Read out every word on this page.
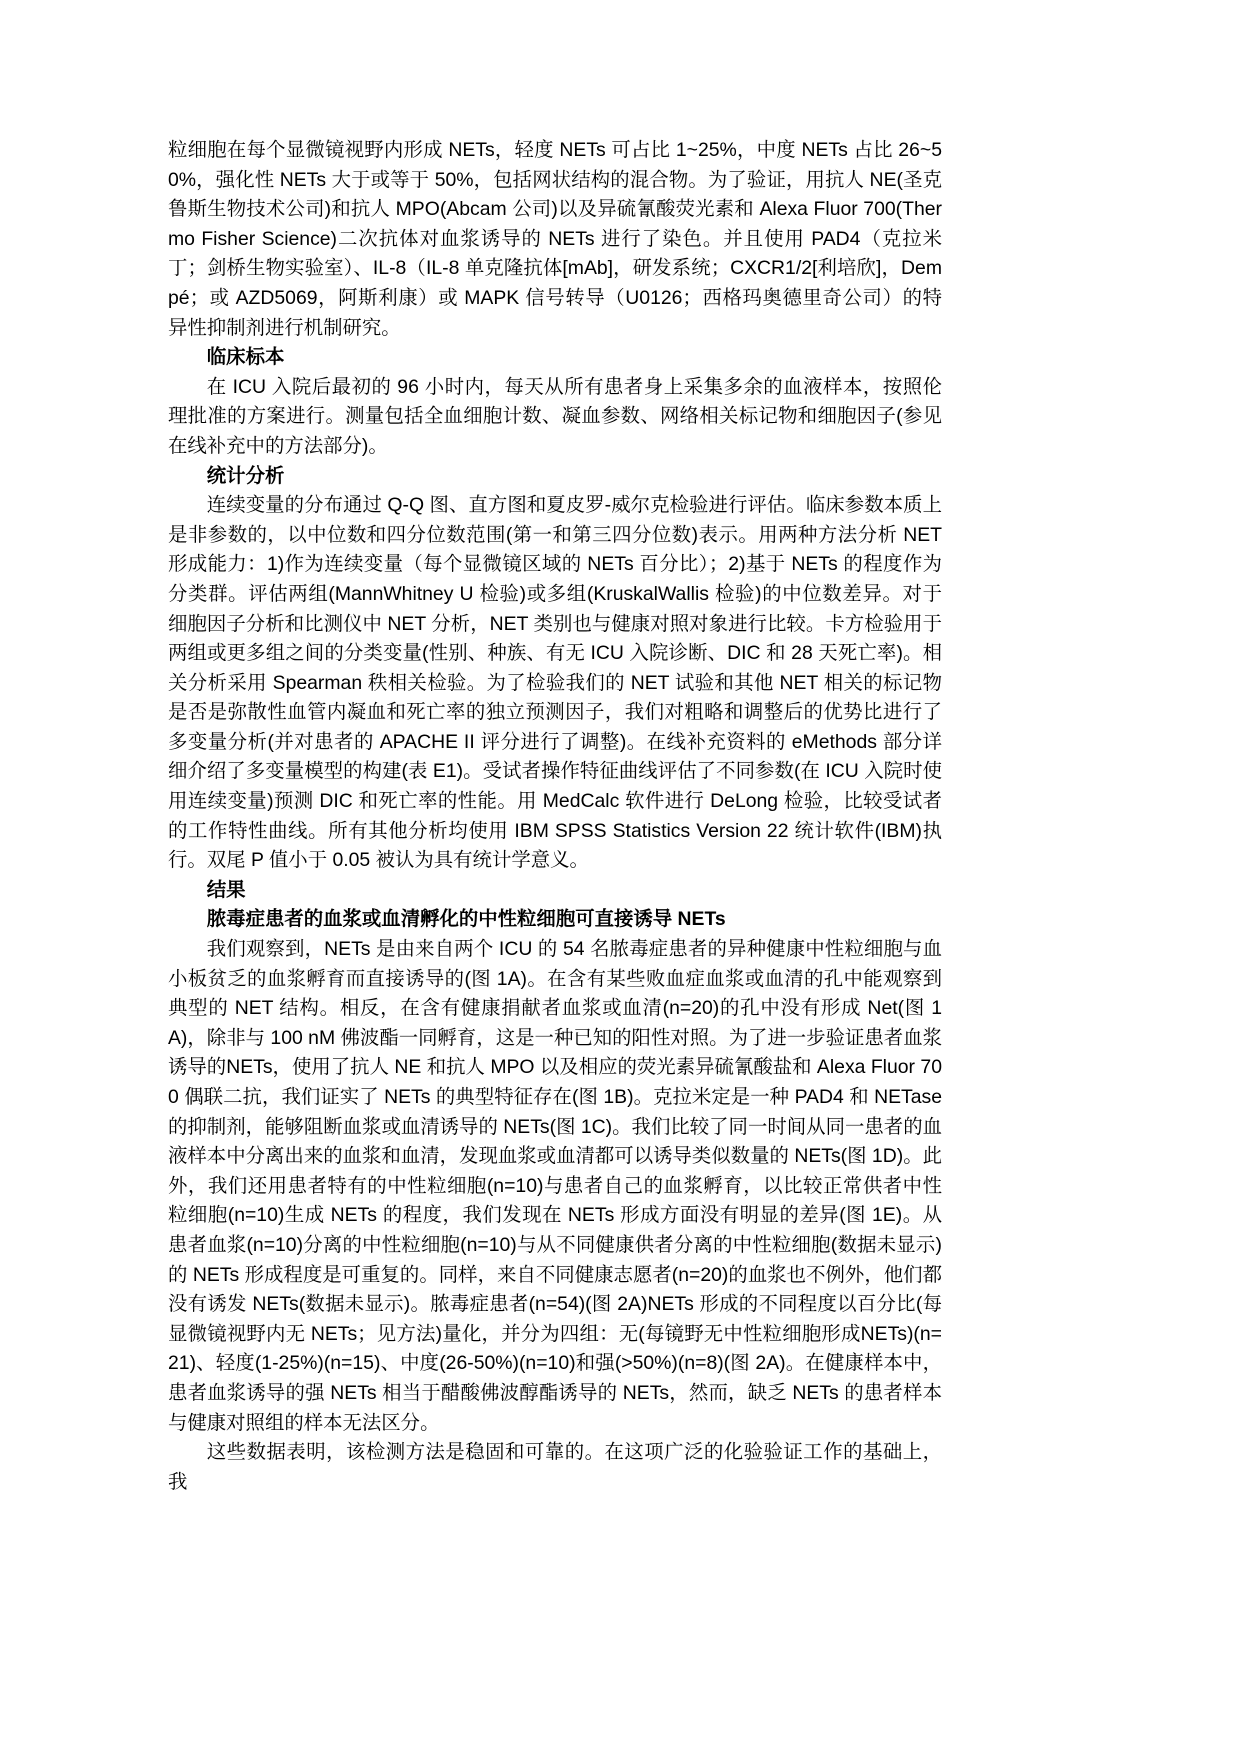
粒细胞在每个显微镜视野内形成 NETs，轻度 NETs 可占比 1~25%，中度 NETs 占比 26~50%，强化性 NETs 大于或等于 50%，包括网状结构的混合物。为了验证，用抗人 NE(圣克鲁斯生物技术公司)和抗人 MPO(Abcam 公司)以及异硫氰酸荧光素和 Alexa Fluor 700(Thermo Fisher Science)二次抗体对血浆诱导的 NETs 进行了染色。并且使用 PAD4（克拉米丁；剑桥生物实验室）、IL-8（IL-8 单克隆抗体[mAb]，研发系统；CXCR1/2[利培欣]，Dempé；或 AZD5069，阿斯利康）或 MAPK 信号转导（U0126；西格玛奥德里奇公司）的特异性抑制剂进行机制研究。

临床标本

在 ICU 入院后最初的 96 小时内，每天从所有患者身上采集多余的血液样本，按照伦理批准的方案进行。测量包括全血细胞计数、凝血参数、网络相关标记物和细胞因子(参见在线补充中的方法部分)。

统计分析

连续变量的分布通过 Q-Q 图、直方图和夏皮罗-威尔克检验进行评估。临床参数本质上是非参数的，以中位数和四分位数范围(第一和第三四分位数)表示。用两种方法分析 NET 形成能力：1)作为连续变量（每个显微镜区域的 NETs 百分比）；2)基于 NETs 的程度作为分类群。评估两组(MannWhitney U 检验)或多组(KruskalWallis 检验)的中位数差异。对于细胞因子分析和比测仪中 NET 分析，NET 类别也与健康对照对象进行比较。卡方检验用于两组或更多组之间的分类变量(性别、种族、有无 ICU 入院诊断、DIC 和 28 天死亡率)。相关分析采用 Spearman 秩相关检验。为了检验我们的 NET 试验和其他 NET 相关的标记物是否是弥散性血管内凝血和死亡率的独立预测因子，我们对粗略和调整后的优势比进行了多变量分析(并对患者的 APACHE II 评分进行了调整)。在线补充资料的 eMethods 部分详细介绍了多变量模型的构建(表 E1)。受试者操作特征曲线评估了不同参数(在 ICU 入院时使用连续变量)预测 DIC 和死亡率的性能。用 MedCalc 软件进行 DeLong 检验，比较受试者的工作特性曲线。所有其他分析均使用 IBM SPSS Statistics Version 22 统计软件(IBM)执行。双尾 P 值小于 0.05 被认为具有统计学意义。

结果
脓毒症患者的血浆或血清孵化的中性粒细胞可直接诱导 NETs

我们观察到，NETs 是由来自两个 ICU 的 54 名脓毒症患者的异种健康中性粒细胞与血小板贫乏的血浆孵育而直接诱导的(图 1A)。在含有某些败血症血浆或血清的孔中能观察到典型的 NET 结构。相反，在含有健康捐献者血浆或血清(n=20)的孔中没有形成 Net(图 1A)，除非与 100 nM 佛波酯一同孵育，这是一种已知的阳性对照。为了进一步验证患者血浆诱导的NETs，使用了抗人 NE 和抗人 MPO 以及相应的荧光素异硫氰酸盐和 Alexa Fluor 700 偶联二抗，我们证实了 NETs 的典型特征存在(图 1B)。克拉米定是一种 PAD4 和 NETase 的抑制剂，能够阻断血浆或血清诱导的 NETs(图 1C)。我们比较了同一时间从同一患者的血液样本中分离出来的血浆和血清，发现血浆或血清都可以诱导类似数量的 NETs(图 1D)。此外，我们还用患者特有的中性粒细胞(n=10)与患者自己的血浆孵育，以比较正常供者中性粒细胞(n=10)生成 NETs 的程度，我们发现在 NETs 形成方面没有明显的差异(图 1E)。从患者血浆(n=10)分离的中性粒细胞(n=10)与从不同健康供者分离的中性粒细胞(数据未显示)的 NETs 形成程度是可重复的。同样，来自不同健康志愿者(n=20)的血浆也不例外，他们都没有诱发 NETs(数据未显示)。脓毒症患者(n=54)(图 2A)NETs 形成的不同程度以百分比(每显微镜视野内无 NETs；见方法)量化，并分为四组：无(每镜野无中性粒细胞形成NETs)(n=21)、轻度(1-25%)(n=15)、中度(26-50%)(n=10)和强(>50%)(n=8)(图 2A)。在健康样本中，患者血浆诱导的强 NETs 相当于醋酸佛波醇酯诱导的 NETs，然而，缺乏 NETs 的患者样本与健康对照组的样本无法区分。

这些数据表明，该检测方法是稳固和可靠的。在这项广泛的化验验证工作的基础上，我
